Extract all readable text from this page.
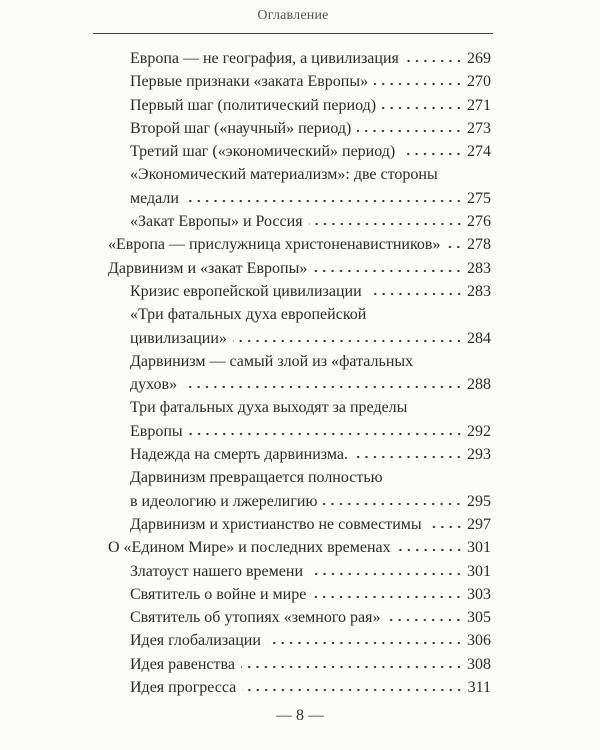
Оглавление
Европа — не география, а цивилизация	269
Первые признаки «заката Европы»	270
Первый шаг (политический период)	271
Второй шаг («научный» период)	273
Третий шаг («экономический» период)	274
«Экономический материализм»: две стороны
медали	275
«Закат Европы» и Россия	276
«Европа — прислужница христоненавистников» 278
Дарвинизм и «закат Европы»	283
Кризис европейской цивилизации	283
«Три фатальных духа европейской
цивилизации»	284
Дарвинизм — самый злой из «фатальных
духов»	288
Три фатальных духа выходят за пределы
Европы	292
Надежда на смерть дарвинизма.	293
Дарвинизм превращается полностью
в идеологию и лжерелигию	295
Дарвинизм и христианство не совместимы	297
О «Едином Мире» и последних временах	301
Златоуст нашего времени	301
Святитель о войне и мире	303
Святитель об утопиях «земного рая»	305
Идея глобализации	306
Идея равенства	308
Идея прогресса	311
— 8 —
